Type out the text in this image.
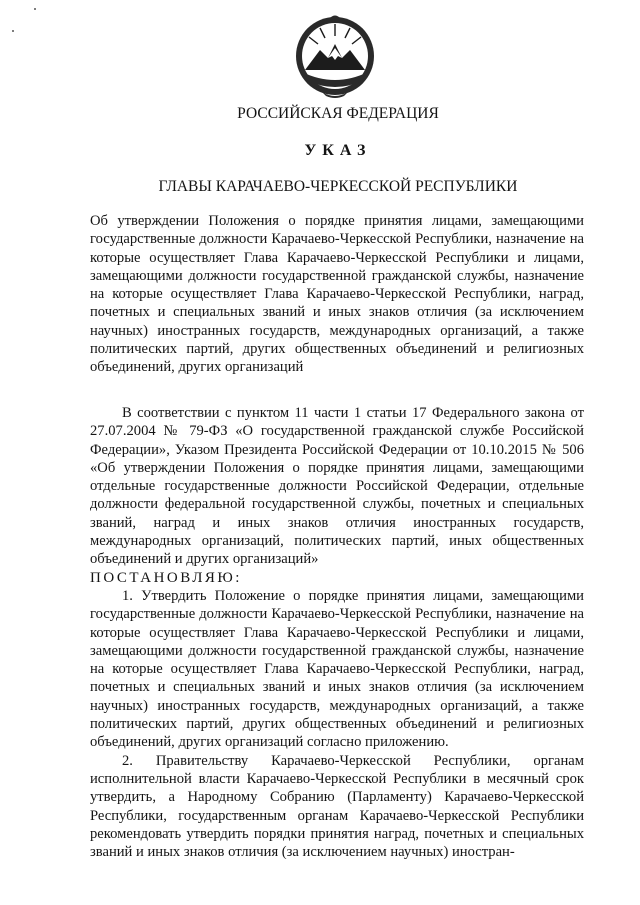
РОССИЙСКАЯ ФЕДЕРАЦИЯ
УКАЗ
ГЛАВЫ КАРАЧАЕВО-ЧЕРКЕССКОЙ РЕСПУБЛИКИ

Об утверждении Положения о порядке принятия лицами, замещающими государственные должности Карачаево-Черкесской Республики, назначение на которые осуществляет Глава Карачаево-Черкесской Республики и лицами, замещающими должности государственной гражданской службы, назначение на которые осуществляет Глава Карачаево-Черкесской Республики, наград, почетных и специальных званий и иных знаков отличия (за исключением научных) иностранных государств, международных организаций, а также политических партий, других общественных объединений и религиозных объединений, других организаций

В соответствии с пунктом 11 части 1 статьи 17 Федерального закона от 27.07.2004 № 79-ФЗ «О государственной гражданской службе Российской Федерации», Указом Президента Российской Федерации от 10.10.2015 № 506 «Об утверждении Положения о порядке принятия лицами, замещающими отдельные государственные должности Российской Федерации, отдельные должности федеральной государственной службы, почетных и специальных званий, наград и иных знаков отличия иностранных государств, международных организаций, политических партий, иных общественных объединений и других организаций»

ПОСТАНОВЛЯЮ:

1. Утвердить Положение о порядке принятия лицами, замещающими государственные должности Карачаево-Черкесской Республики, назначение на которые осуществляет Глава Карачаево-Черкесской Республики и лицами, замещающими должности государственной гражданской службы, назначение на которые осуществляет Глава Карачаево-Черкесской Республики, наград, почетных и специальных званий и иных знаков отличия (за исключением научных) иностранных государств, международных организаций, а также политических партий, других общественных объединений и религиозных объединений, других организаций согласно приложению.

2. Правительству Карачаево-Черкесской Республики, органам исполнительной власти Карачаево-Черкесской Республики в месячный срок утвердить, а Народному Собранию (Парламенту) Карачаево-Черкесской Республики, государственным органам Карачаево-Черкесской Республики рекомендовать утвердить порядки принятия наград, почетных и специальных званий и иных знаков отличия (за исключением научных) иностран-
